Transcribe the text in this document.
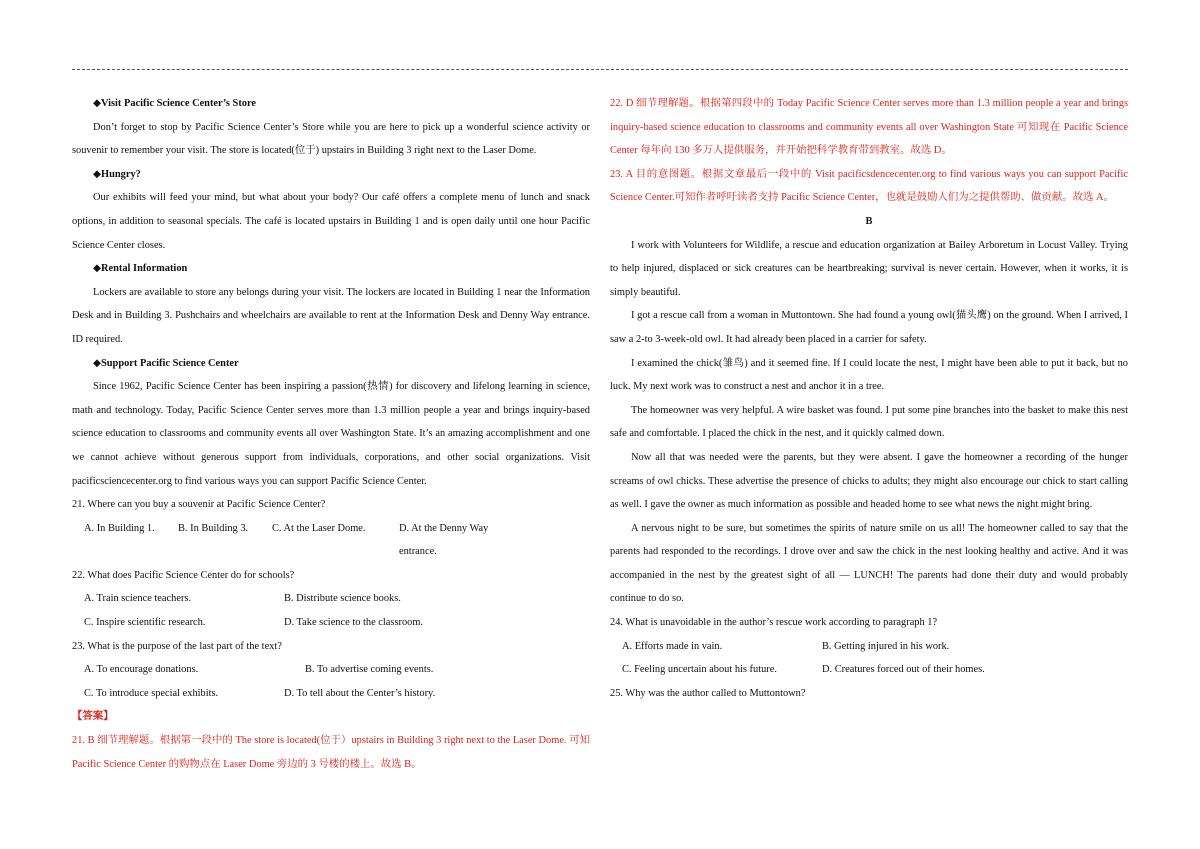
◆Visit Pacific Science Center’s Store

Don’t forget to stop by Pacific Science Center’s Store while you are here to pick up a wonderful science activity or souvenir to remember your visit. The store is located(位于) upstairs in Building 3 right next to the Laser Dome.

◆Hungry?

Our exhibits will feed your mind, but what about your body? Our café offers a complete menu of lunch and snack options, in addition to seasonal specials. The café is located upstairs in Building 1 and is open daily until one hour Pacific Science Center closes.

◆Rental Information

Lockers are available to store any belongs during your visit. The lockers are located in Building 1 near the Information Desk and in Building 3. Pushchairs and wheelchairs are available to rent at the Information Desk and Denny Way entrance. ID required.

◆Support Pacific Science Center

Since 1962, Pacific Science Center has been inspiring a passion(热情) for discovery and lifelong learning in science, math and technology. Today, Pacific Science Center serves more than 1.3 million people a year and brings inquiry-based science education to classrooms and community events all over Washington State. It’s an amazing accomplishment and one we cannot achieve without generous support from individuals, corporations, and other social organizations. Visit pacificsciencecenter.org to find various ways you can support Pacific Science Center.

21. Where can you buy a souvenir at Pacific Science Center?

A. In Building 1.	B. In Building 3.	C. At the Laser Dome.	D. At the Denny Way entrance.

22. What does Pacific Science Center do for schools?

A. Train science teachers.	B. Distribute science books.
C. Inspire scientific research.	D. Take science to the classroom.

23. What is the purpose of the last part of the text?

A. To encourage donations.	B. To advertise coming events.
C. To introduce special exhibits.	D. To tell about the Center’s history.

【答案】

21. B 细节理解题。根据第一段中的 The store is located(位于）upstairs in Building 3 right next to the Laser Dome. 可知 Pacific Science Center 的购物点在 Laser Dome 旁边的 3 号楼的楼上。故选 B。

22. D 细节理解题。根据第四段中的 Today Pacific Science Center serves more than 1.3 million people a year and brings inquiry-based science education to classrooms and community events all over Washington State 可知现在 Pacific Science Center 每年向 130 多万人提供服务，并开始把科学教育带到教室。故选 D。

23. A 目的意图题。根据文章最后一段中的 Visit pacificsdencecenter.org to find various ways you can support Pacific Science Center.可知作者呼吁读者支持 Pacific Science Center，也就是鼓励人们为之提供帮助、做贡献。故选 A。

B

I work with Volunteers for Wildlife, a rescue and education organization at Bailey Arboretum in Locust Valley. Trying to help injured, displaced or sick creatures can be heartbreaking; survival is never certain. However, when it works, it is simply beautiful.

I got a rescue call from a woman in Muttontown. She had found a young owl(猫头鹰) on the ground. When I arrived, I saw a 2-to 3-week-old owl. It had already been placed in a carrier for safety.

I examined the chick(雏鸟) and it seemed fine. If I could locate the nest, I might have been able to put it back, but no luck. My next work was to construct a nest and anchor it in a tree.

The homeowner was very helpful. A wire basket was found. I put some pine branches into the basket to make this nest safe and comfortable. I placed the chick in the nest, and it quickly calmed down.

Now all that was needed were the parents, but they were absent. I gave the homeowner a recording of the hunger screams of owl chicks. These advertise the presence of chicks to adults; they might also encourage our chick to start calling as well. I gave the owner as much information as possible and headed home to see what news the night might bring.

A nervous night to be sure, but sometimes the spirits of nature smile on us all! The homeowner called to say that the parents had responded to the recordings. I drove over and saw the chick in the nest looking healthy and active. And it was accompanied in the nest by the greatest sight of all — LUNCH! The parents had done their duty and would probably continue to do so.

24. What is unavoidable in the author’s rescue work according to paragraph 1?

A. Efforts made in vain.	B. Getting injured in his work.
C. Feeling uncertain about his future.	D. Creatures forced out of their homes.

25. Why was the author called to Muttontown?
